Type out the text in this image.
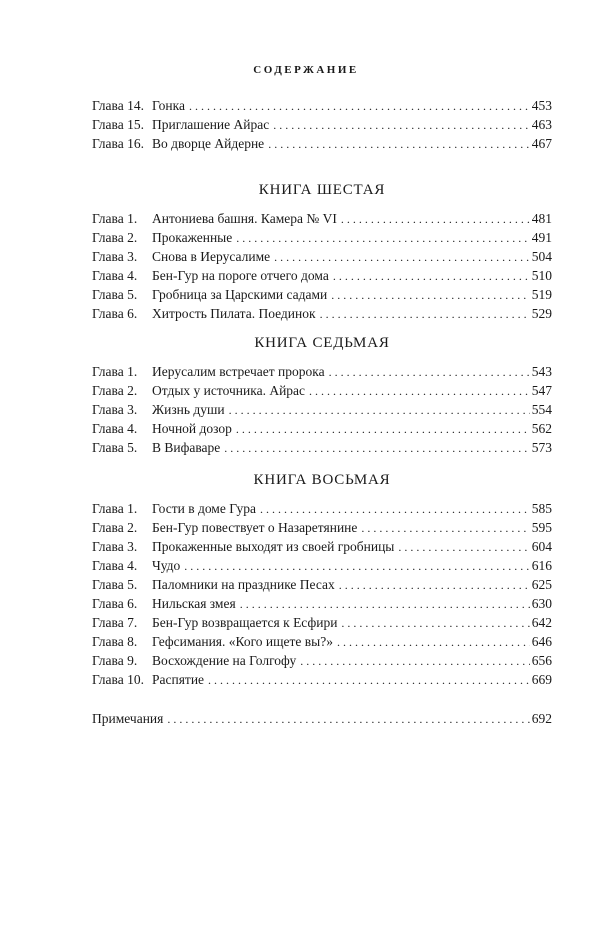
СОДЕРЖАНИЕ
Глава 14. Гонка . . .	453
Глава 15. Приглашение Айрас . . .	463
Глава 16. Во дворце Айдерне . . .	467
КНИГА ШЕСТАЯ
Глава 1.	Антониева башня. Камера № VI . . .	481
Глава 2.	Прокаженные . . .	491
Глава 3.	Снова в Иерусалиме . . .	504
Глава 4.	Бен-Гур на пороге отчего дома . . .	510
Глава 5.	Гробница за Царскими садами . . .	519
Глава 6.	Хитрость Пилата. Поединок . . .	529
КНИГА СЕДЬМАЯ
Глава 1.	Иерусалим встречает пророка . . .	543
Глава 2.	Отдых у источника. Айрас . . .	547
Глава 3.	Жизнь души . . .	554
Глава 4.	Ночной дозор . . .	562
Глава 5.	В Вифаваре . . .	573
КНИГА ВОСЬМАЯ
Глава 1.	Гости в доме Гура . . .	585
Глава 2.	Бен-Гур повествует о Назаретянине . . .	595
Глава 3.	Прокаженные выходят из своей гробницы . . .	604
Глава 4.	Чудо . . .	616
Глава 5.	Паломники на празднике Песах . . .	625
Глава 6.	Нильская змея . . .	630
Глава 7.	Бен-Гур возвращается к Есфири . . .	642
Глава 8.	Гефсимания. «Кого ищете вы?» . . .	646
Глава 9.	Восхождение на Голгофу . . .	656
Глава 10. Распятие . . .	669
Примечания . . .	692
